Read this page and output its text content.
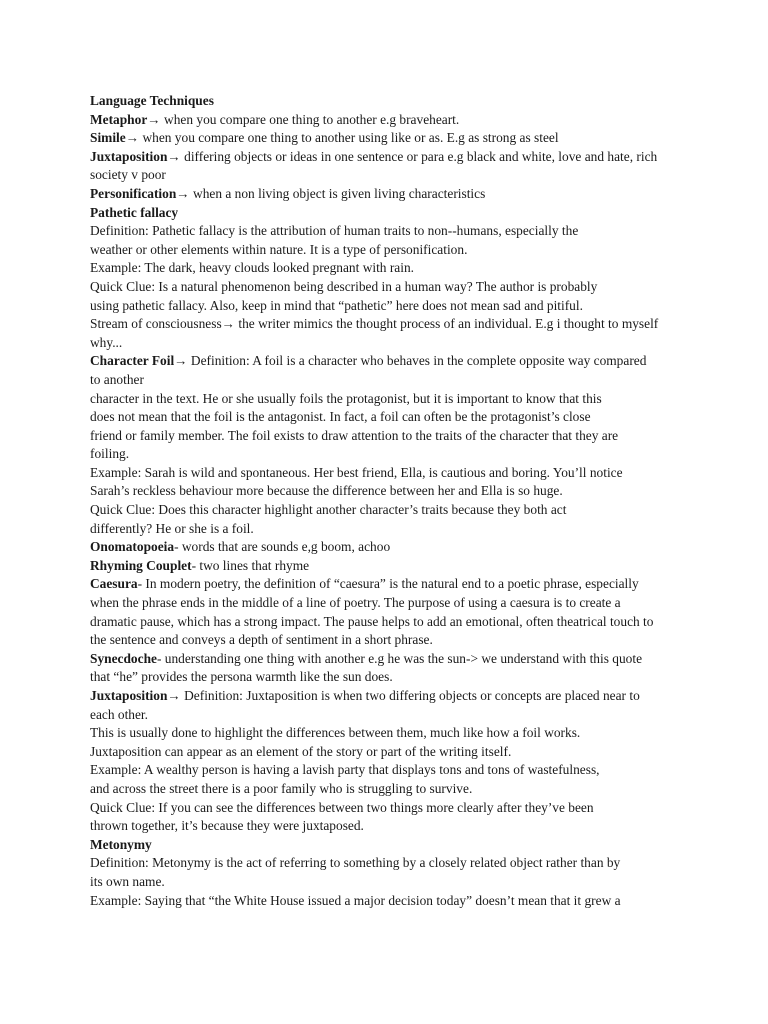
Language Techniques
Metaphor→ when you compare one thing to another e.g braveheart.
Simile→ when you compare one thing to another using like or as. E.g as strong as steel
Juxtaposition→ differing objects or ideas in one sentence or para e.g black and white, love and hate, rich
society v poor
Personification→ when a non living object is given living characteristics
Pathetic fallacy
Definition: Pathetic fallacy is the attribution of human traits to non--humans, especially the
weather or other elements within nature. It is a type of personification.
Example: The dark, heavy clouds looked pregnant with rain.
Quick Clue: Is a natural phenomenon being described in a human way? The author is probably
using pathetic fallacy. Also, keep in mind that “pathetic” here does not mean sad and pitiful.
Stream of consciousness→ the writer mimics the thought process of an individual. E.g i thought to myself
why...
Character Foil→ Definition: A foil is a character who behaves in the complete opposite way compared
to another
character in the text. He or she usually foils the protagonist, but it is important to know that this
does not mean that the foil is the antagonist. In fact, a foil can often be the protagonist’s close
friend or family member. The foil exists to draw attention to the traits of the character that they are
foiling.
Example: Sarah is wild and spontaneous. Her best friend, Ella, is cautious and boring. You’ll notice
Sarah’s reckless behaviour more because the difference between her and Ella is so huge.
Quick Clue: Does this character highlight another character’s traits because they both act
differently? He or she is a foil.
Onomatopoeia- words that are sounds e,g boom, achoo
Rhyming Couplet- two lines that rhyme
Caesura- In modern poetry, the definition of “caesura” is the natural end to a poetic phrase, especially
when the phrase ends in the middle of a line of poetry. The purpose of using a caesura is to create a
dramatic pause, which has a strong impact. The pause helps to add an emotional, often theatrical touch to
the sentence and conveys a depth of sentiment in a short phrase.
Synecdoche- understanding one thing with another e.g he was the sun-> we understand with this quote
that “he” provides the persona warmth like the sun does.
Juxtaposition→ Definition: Juxtaposition is when two differing objects or concepts are placed near to
each other.
This is usually done to highlight the differences between them, much like how a foil works.
Juxtaposition can appear as an element of the story or part of the writing itself.
Example: A wealthy person is having a lavish party that displays tons and tons of wastefulness,
and across the street there is a poor family who is struggling to survive.
Quick Clue: If you can see the differences between two things more clearly after they’ve been
thrown together, it’s because they were juxtaposed.
Metonymy
Definition: Metonymy is the act of referring to something by a closely related object rather than by
its own name.
Example: Saying that “the White House issued a major decision today” doesn’t mean that it grew a
